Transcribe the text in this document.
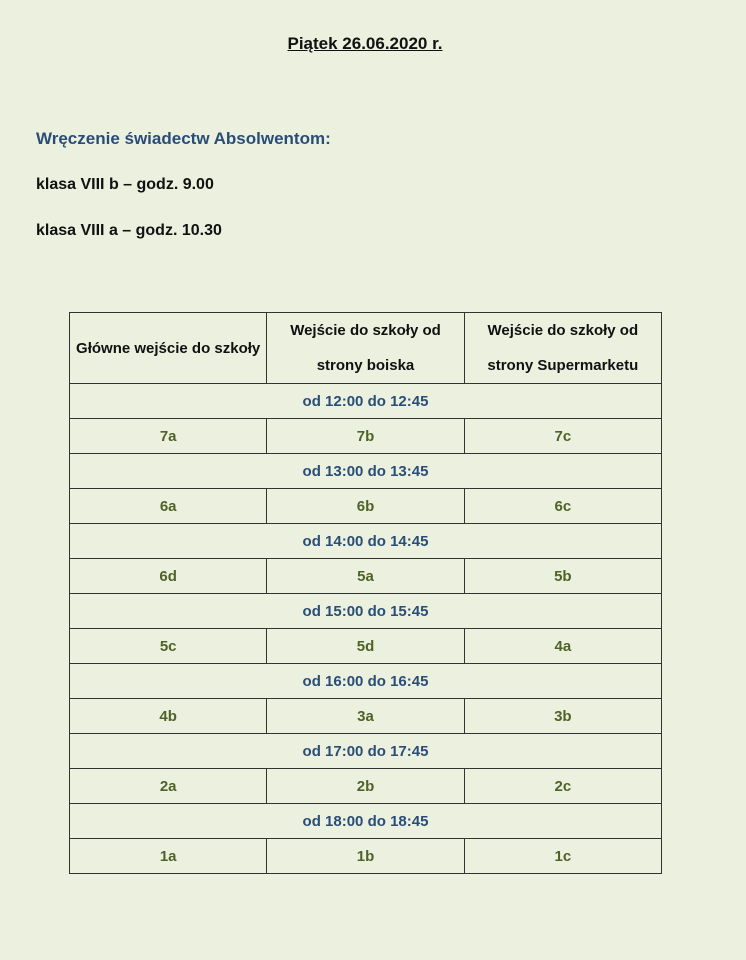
Piątek 26.06.2020 r.
Wręczenie świadectw Absolwentom:
klasa VIII b – godz. 9.00
klasa VIII a – godz. 10.30
Główne wejście do szkoły	Wejście do szkoły od strony boiska	Wejście do szkoły od strony Supermarketu
od 12:00 do 12:45		
7a	7b	7c
od 13:00 do 13:45		
6a	6b	6c
od 14:00 do 14:45		
6d	5a	5b
od 15:00 do 15:45		
5c	5d	4a
od 16:00 do 16:45		
4b	3a	3b
od 17:00 do 17:45		
2a	2b	2c
od 18:00 do 18:45		
1a	1b	1c
